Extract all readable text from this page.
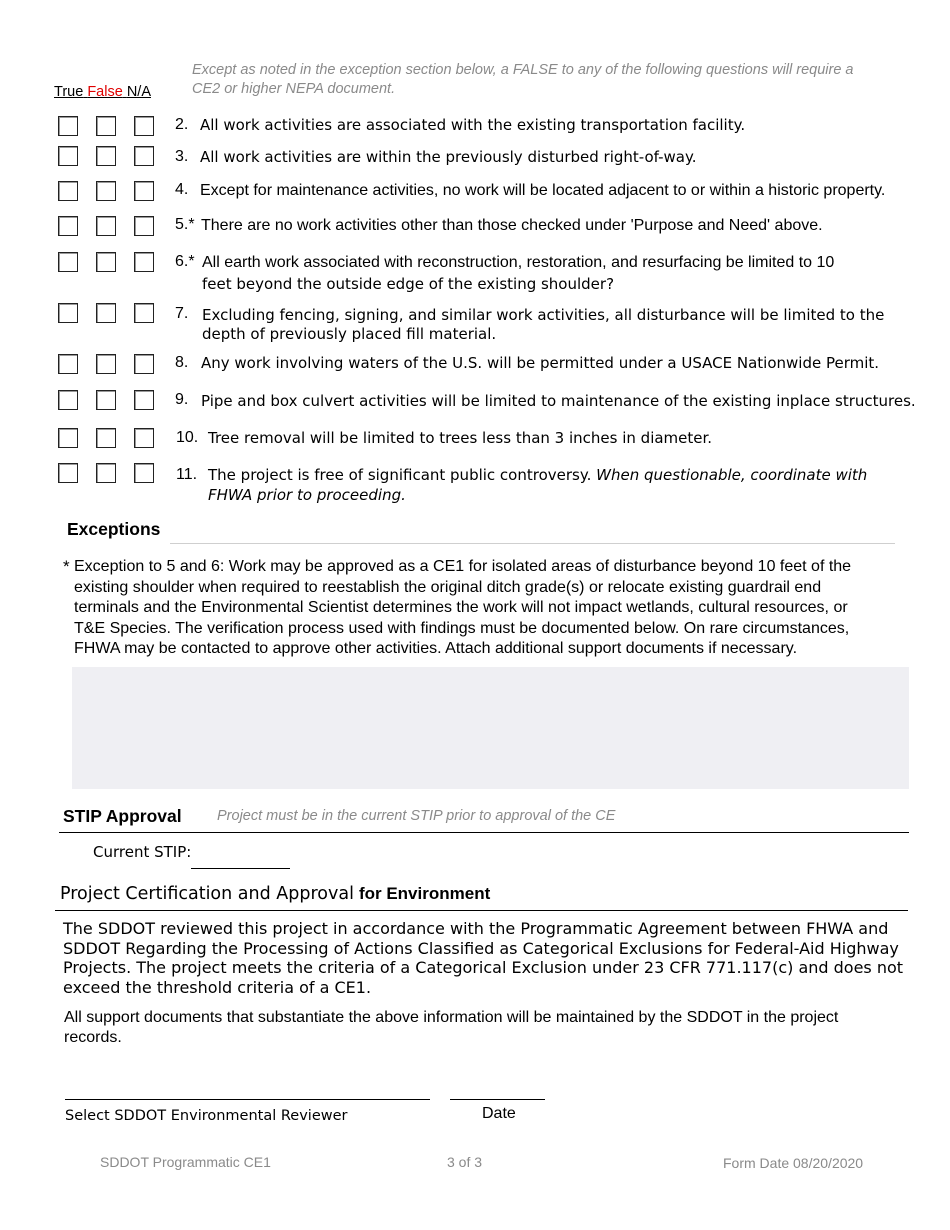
Except as noted in the exception section below, a FALSE to any of the following questions will require a CE2 or higher NEPA document.
True False N/A
2. All work activities are associated with the existing transportation facility.
3. All work activities are within the previously disturbed right-of-way.
4. Except for maintenance activities, no work will be located adjacent to or within a historic property.
5.* There are no work activities other than those checked under 'Purpose and Need' above.
6.* All earth work associated with reconstruction, restoration, and resurfacing be limited to 10
feet beyond the outside edge of the existing shoulder?
7. Excluding fencing, signing, and similar work activities, all disturbance will be limited to the
depth of previously placed fill material.
8. Any work involving waters of the U.S. will be permitted under a USACE Nationwide Permit.
9. Pipe and box culvert activities will be limited to maintenance of the existing inplace structures.
10. Tree removal will be limited to trees less than 3 inches in diameter.
11. The project is free of significant public controversy. When questionable, coordinate with
FHWA prior to proceeding.
Exceptions
* Exception to 5 and 6: Work may be approved as a CE1 for isolated areas of disturbance beyond 10 feet of the
existing shoulder when required to reestablish the original ditch grade(s) or relocate existing guardrail end
terminals and the Environmental Scientist determines the work will not impact wetlands, cultural resources, or
T&E Species. The verification process used with findings must be documented below. On rare circumstances,
FHWA may be contacted to approve other activities. Attach additional support documents if necessary.
STIP Approval Project must be in the current STIP prior to approval of the CE
Current STIP:
Project Certification and Approval for Environment
The SDDOT reviewed this project in accordance with the Programmatic Agreement between FHWA and
SDDOT Regarding the Processing of Actions Classified as Categorical Exclusions for Federal-Aid Highway
Projects. The project meets the criteria of a Categorical Exclusion under 23 CFR 771.117(c) and does not
exceed the threshold criteria of a CE1.
All support documents that substantiate the above information will be maintained by the SDDOT in the project
records.
Select SDDOT Environmental Reviewer	Date
SDDOT Programmatic CE1	3 of 3	Form Date 08/20/2020
